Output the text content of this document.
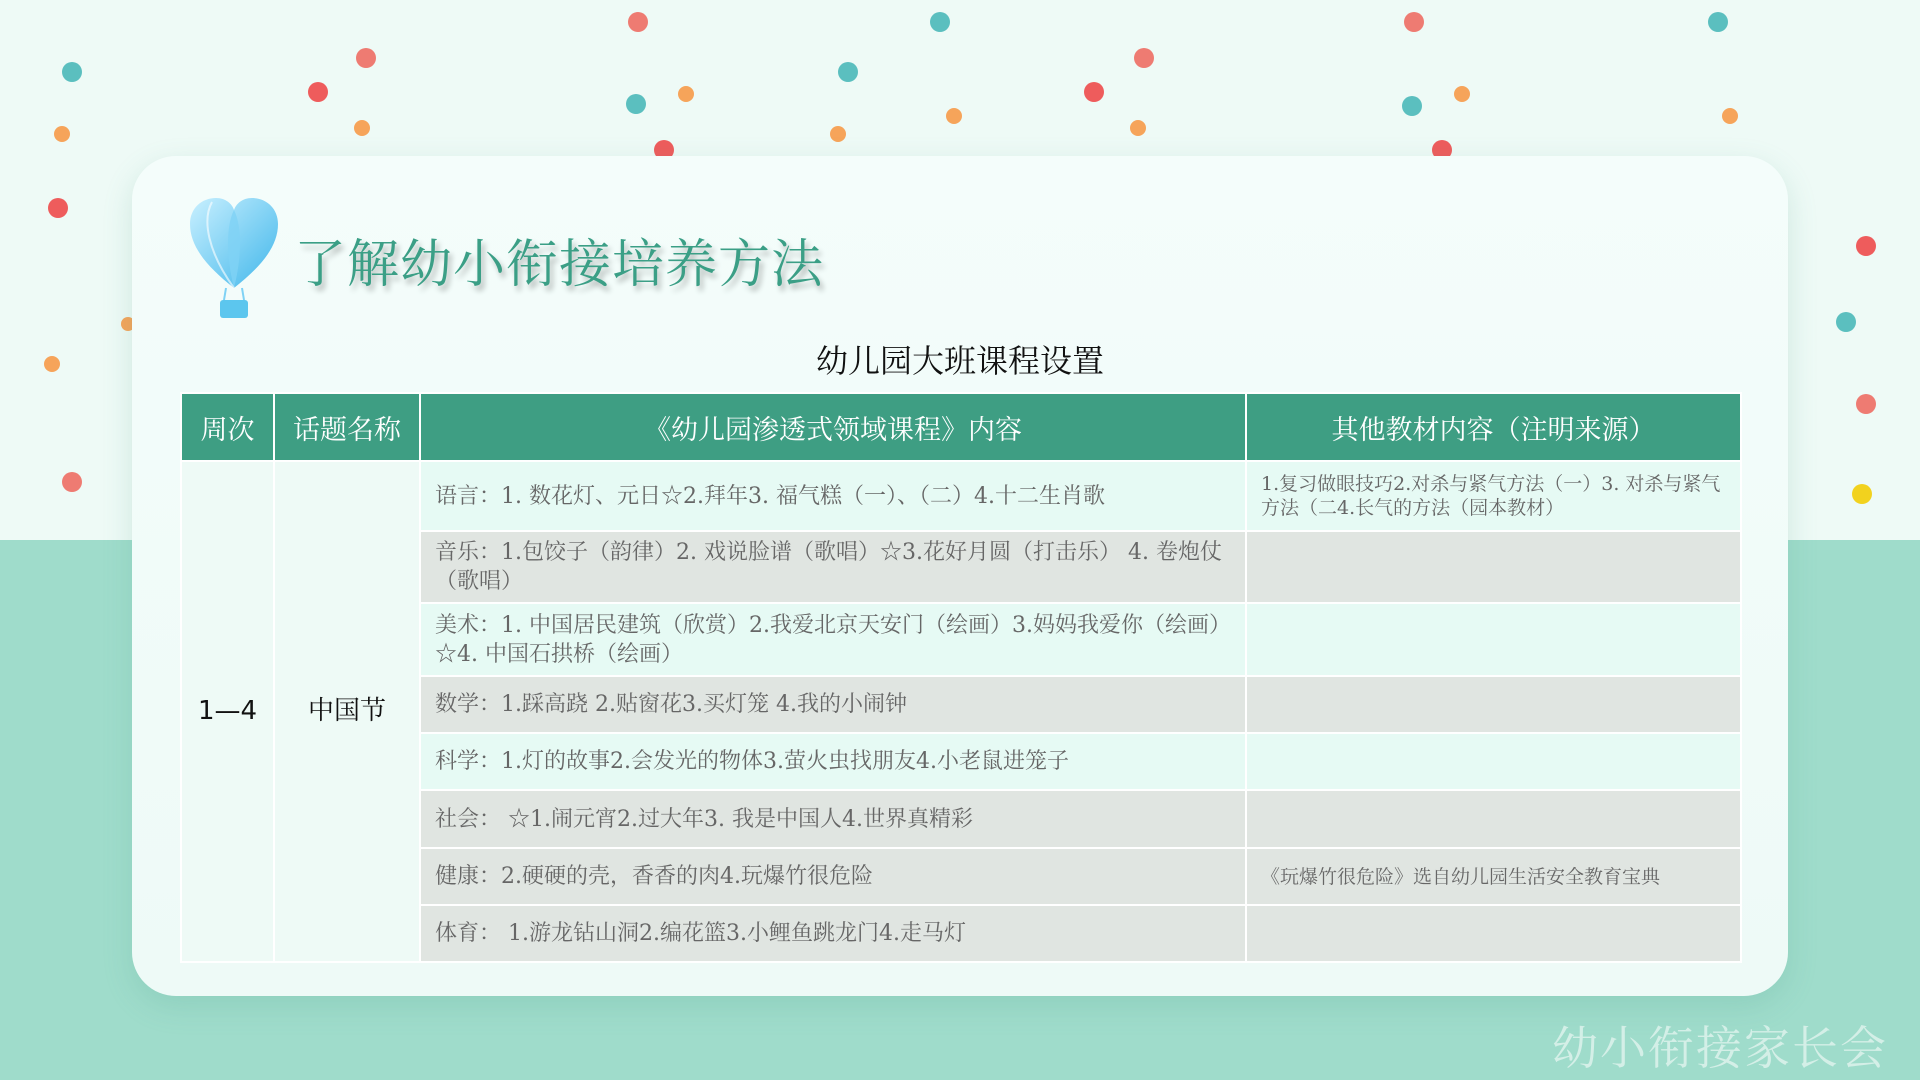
了解幼小衔接培养方法
幼儿园大班课程设置
周次	话题名称	《幼儿园渗透式领域课程》内容	其他教材内容（注明来源）
1—4	中国节	语言：1. 数花灯、元日☆2.拜年3. 福气糕（一）、（二）4.十二生肖歌	1.复习做眼技巧2.对杀与紧气方法（一）3. 对杀与紧气方法（二4.长气的方法（园本教材）
		音乐：1.包饺子（韵律）2. 戏说脸谱（歌唱）☆3.花好月圆（打击乐） 4. 卷炮仗（歌唱）	
		美术：1. 中国居民建筑（欣赏）2.我爱北京天安门（绘画）3.妈妈我爱你（绘画）☆4. 中国石拱桥（绘画）	
		数学：1.踩高跷 2.贴窗花3.买灯笼 4.我的小闹钟	
		科学：1.灯的故事2.会发光的物体3.萤火虫找朋友4.小老鼠进笼子	
		社会： ☆1.闹元宵2.过大年3. 我是中国人4.世界真精彩	
		健康：2.硬硬的壳，香香的肉4.玩爆竹很危险	《玩爆竹很危险》选自幼儿园生活安全教育宝典
		体育： 1.游龙钻山洞2.编花篮3.小鲤鱼跳龙门4.走马灯	
幼小衔接家长会
